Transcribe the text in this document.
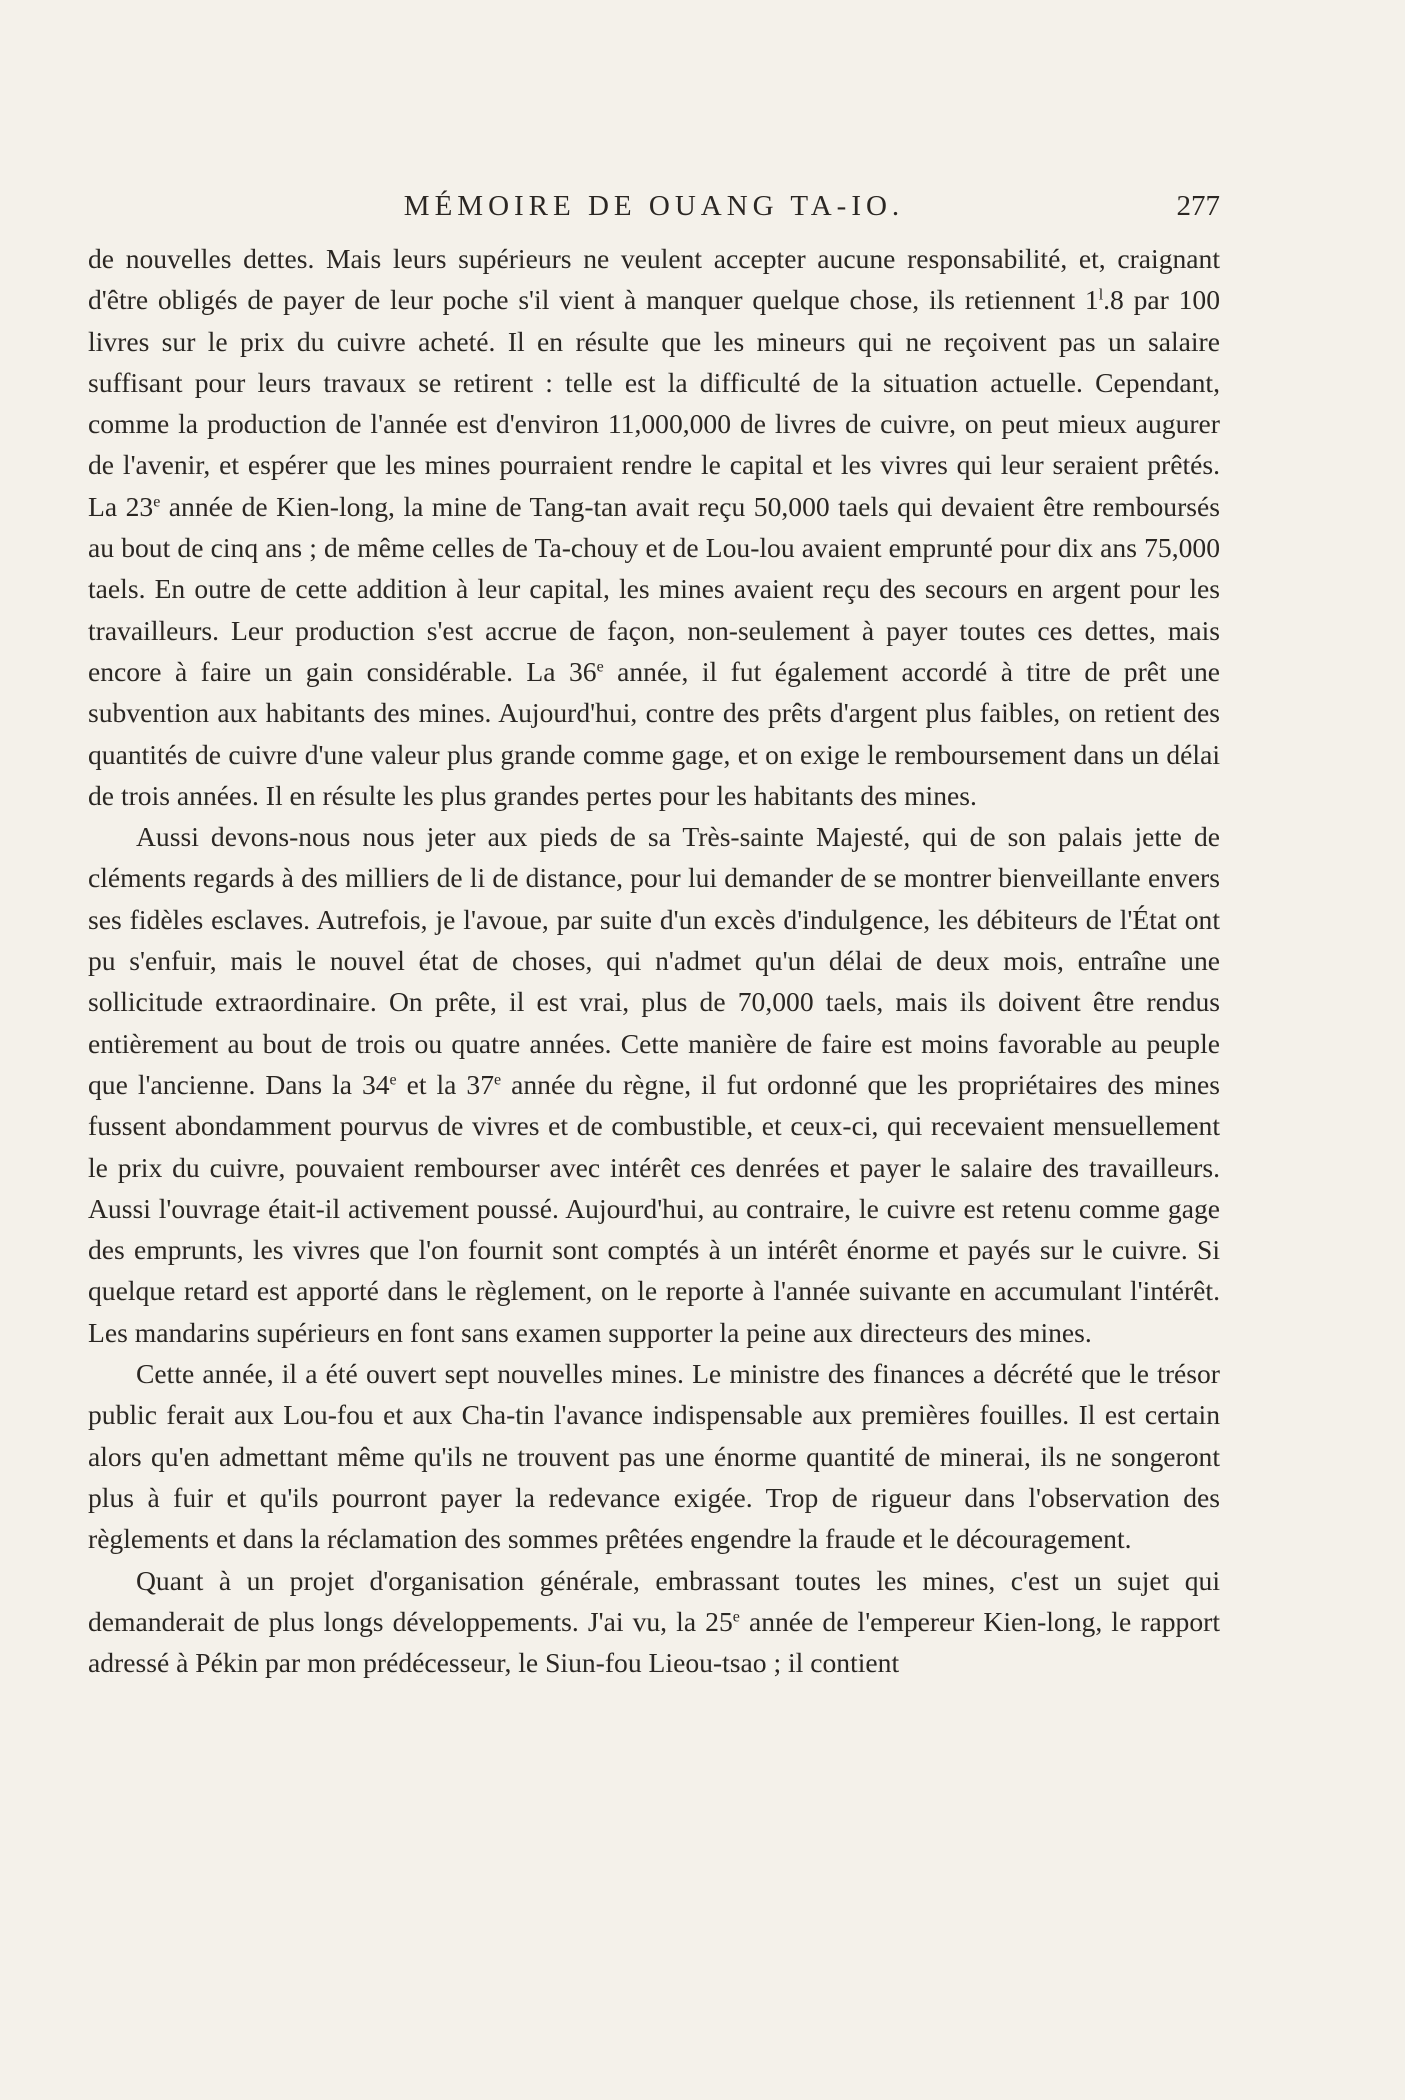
MÉMOIRE DE OUANG TA-IO.	277

de nouvelles dettes. Mais leurs supérieurs ne veulent accepter aucune responsabilité, et, craignant d'être obligés de payer de leur poche s'il vient à manquer quelque chose, ils retiennent 1$^l$.8 par 100 livres sur le prix du cuivre acheté. Il en résulte que les mineurs qui ne reçoivent pas un salaire suffisant pour leurs travaux se retirent : telle est la difficulté de la situation actuelle. Cependant, comme la production de l'année est d'environ 11,000,000 de livres de cuivre, on peut mieux augurer de l'avenir, et espérer que les mines pourraient rendre le capital et les vivres qui leur seraient prêtés. La 23e année de Kien-long, la mine de Tang-tan avait reçu 50,000 taels qui devaient être remboursés au bout de cinq ans ; de même celles de Ta-chouy et de Lou-lou avaient emprunté pour dix ans 75,000 taels. En outre de cette addition à leur capital, les mines avaient reçu des secours en argent pour les travailleurs. Leur production s'est accrue de façon, non-seulement à payer toutes ces dettes, mais encore à faire un gain considérable. La 36e année, il fut également accordé à titre de prêt une subvention aux habitants des mines. Aujourd'hui, contre des prêts d'argent plus faibles, on retient des quantités de cuivre d'une valeur plus grande comme gage, et on exige le remboursement dans un délai de trois années. Il en résulte les plus grandes pertes pour les habitants des mines.

Aussi devons-nous nous jeter aux pieds de sa Très-sainte Majesté, qui de son palais jette de cléments regards à des milliers de li de distance, pour lui demander de se montrer bienveillante envers ses fidèles esclaves. Autrefois, je l'avoue, par suite d'un excès d'indulgence, les débiteurs de l'État ont pu s'enfuir, mais le nouvel état de choses, qui n'admet qu'un délai de deux mois, entraîne une sollicitude extraordinaire. On prête, il est vrai, plus de 70,000 taels, mais ils doivent être rendus entièrement au bout de trois ou quatre années. Cette manière de faire est moins favorable au peuple que l'ancienne. Dans la 34e et la 37e année du règne, il fut ordonné que les propriétaires des mines fussent abondamment pourvus de vivres et de combustible, et ceux-ci, qui recevaient mensuellement le prix du cuivre, pouvaient rembourser avec intérêt ces denrées et payer le salaire des travailleurs. Aussi l'ouvrage était-il activement poussé. Aujourd'hui, au contraire, le cuivre est retenu comme gage des emprunts, les vivres que l'on fournit sont comptés à un intérêt énorme et payés sur le cuivre. Si quelque retard est apporté dans le règlement, on le reporte à l'année suivante en accumulant l'intérêt. Les mandarins supérieurs en font sans examen supporter la peine aux directeurs des mines.

Cette année, il a été ouvert sept nouvelles mines. Le ministre des finances a décrété que le trésor public ferait aux Lou-fou et aux Cha-tin l'avance indispensable aux premières fouilles. Il est certain alors qu'en admettant même qu'ils ne trouvent pas une énorme quantité de minerai, ils ne songeront plus à fuir et qu'ils pourront payer la redevance exigée. Trop de rigueur dans l'observation des règlements et dans la réclamation des sommes prêtées engendre la fraude et le découragement.

Quant à un projet d'organisation générale, embrassant toutes les mines, c'est un sujet qui demanderait de plus longs développements. J'ai vu, la 25e année de l'empereur Kien-long, le rapport adressé à Pékin par mon prédécesseur, le Siun-fou Lieou-tsao ; il contient
